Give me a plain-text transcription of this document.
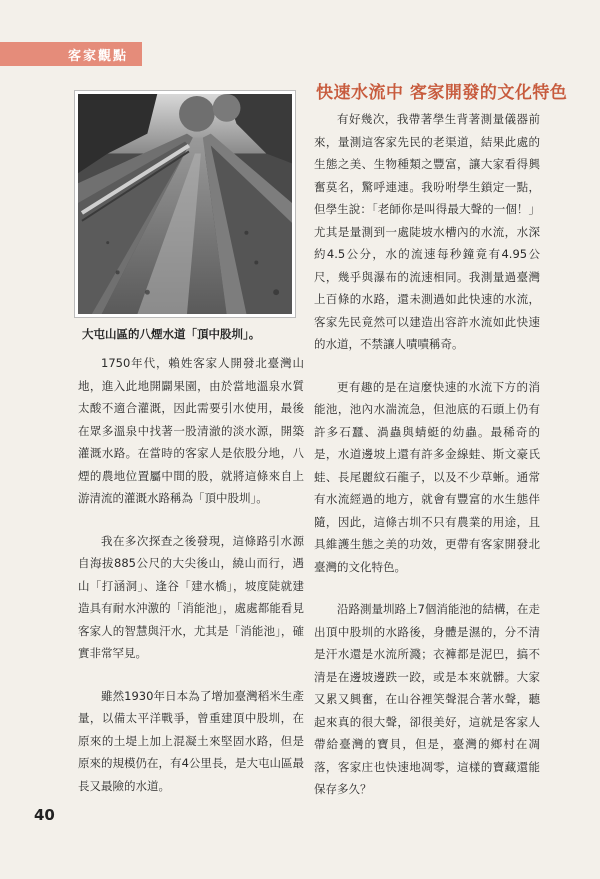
客家觀點
大屯山區的八煙水道「頂中股圳」。
快速水流中 客家開發的文化特色

有好幾次，我帶著學生背著測量儀器前來，量測這客家先民的老渠道，結果此處的生態之美、生物種類之豐富，讓大家看得興奮莫名，驚呼連連。我吩咐學生鎖定一點，但學生說：「老師你是叫得最大聲的一個！」尤其是量測到一處陡坡水槽內的水流，水深約4.5公分，水的流速每秒鐘竟有4.95公尺，幾乎與瀑布的流速相同。我測量過臺灣上百條的水路，還未測過如此快速的水流，客家先民竟然可以建造出容許水流如此快速的水道，不禁讓人嘖嘖稱奇。

更有趣的是在這麼快速的水流下方的消能池，池內水湍流急，但池底的石頭上仍有許多石蠶、渦蟲與蜻蜓的幼蟲。最稀奇的是，水道邊坡上還有許多金線蛙、斯文豪氏蛙、長尾麗紋石龍子，以及不少草蜥。通常有水流經過的地方，就會有豐富的水生態伴隨，因此，這條古圳不只有農業的用途，且具維護生態之美的功效，更帶有客家開發北臺灣的文化特色。

沿路測量圳路上7個消能池的結構，在走出頂中股圳的水路後，身體是濕的，分不清是汗水還是水流所濺；衣褲都是泥巴，搞不清是在邊坡邊跌一跤，或是本來就髒。大家又累又興奮，在山谷裡笑聲混合著水聲，聽起來真的很大聲，卻很美好，這就是客家人帶給臺灣的寶貝，但是，臺灣的鄉村在凋落，客家庄也快速地凋零，這樣的寶藏還能保存多久？

1750年代，賴姓客家人開發北臺灣山地，進入此地開闢果園，由於當地溫泉水質太酸不適合灌溉，因此需要引水使用，最後在眾多溫泉中找著一股清澈的淡水源，開築灌溉水路。在當時的客家人是依股分地，八煙的農地位置屬中間的股，就將這條來自上游清流的灌溉水路稱為「頂中股圳」。

我在多次探查之後發現，這條路引水源自海拔885公尺的大尖後山，繞山而行，遇山「打涵洞」、逢谷「建水橋」，坡度陡就建造具有耐水沖激的「消能池」，處處都能看見客家人的智慧與汗水，尤其是「消能池」，確實非常罕見。

雖然1930年日本為了增加臺灣稻米生產量，以備太平洋戰爭，曾重建頂中股圳，在原來的土堤上加上混凝土來堅固水路，但是原來的規模仍在，有4公里長，是大屯山區最長又最險的水道。

40
